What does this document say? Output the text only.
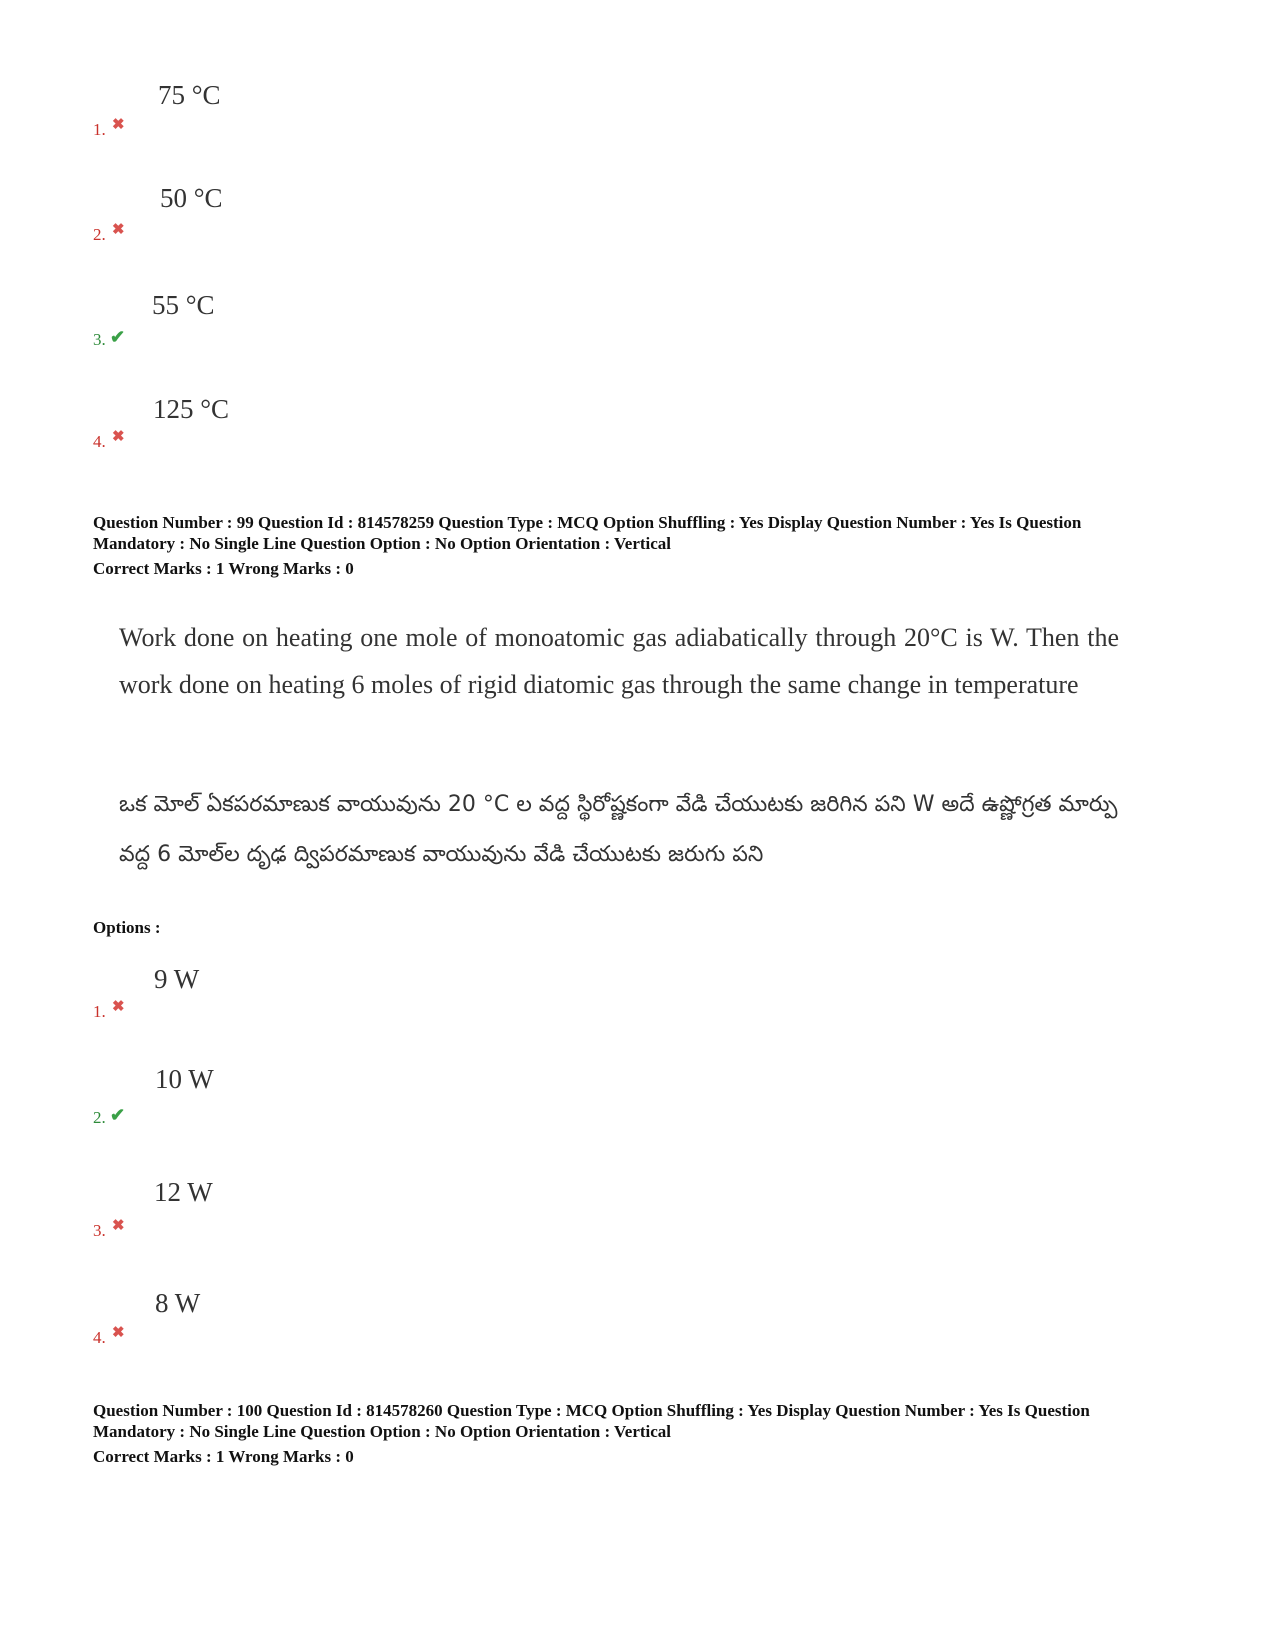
75 °C
1. ✖
50 °C
2. ✖
55 °C
3. ✔
125 °C
4. ✖
Question Number : 99 Question Id : 814578259 Question Type : MCQ Option Shuffling : Yes Display Question Number : Yes Is Question
Mandatory : No Single Line Question Option : No Option Orientation : Vertical
Correct Marks : 1 Wrong Marks : 0
Work done on heating one mole of monoatomic gas adiabatically through 20°C is W. Then the work done on heating 6 moles of rigid diatomic gas through the same change in temperature
ఒక మోల్ ఏకపరమాణుక వాయువును 20 °C ల వద్ద స్థిరోష్ణకంగా వేడి చేయుటకు జరిగిన పని W అదే ఉష్ణోగ్రత మార్పు వద్ద 6 మోల్‌ల దృఢ ద్విపరమాణుక వాయువును వేడి చేయుటకు జరుగు పని
Options :
9 W
1. ✖
10 W
2. ✔
12 W
3. ✖
8 W
4. ✖
Question Number : 100 Question Id : 814578260 Question Type : MCQ Option Shuffling : Yes Display Question Number : Yes Is Question
Mandatory : No Single Line Question Option : No Option Orientation : Vertical
Correct Marks : 1 Wrong Marks : 0
